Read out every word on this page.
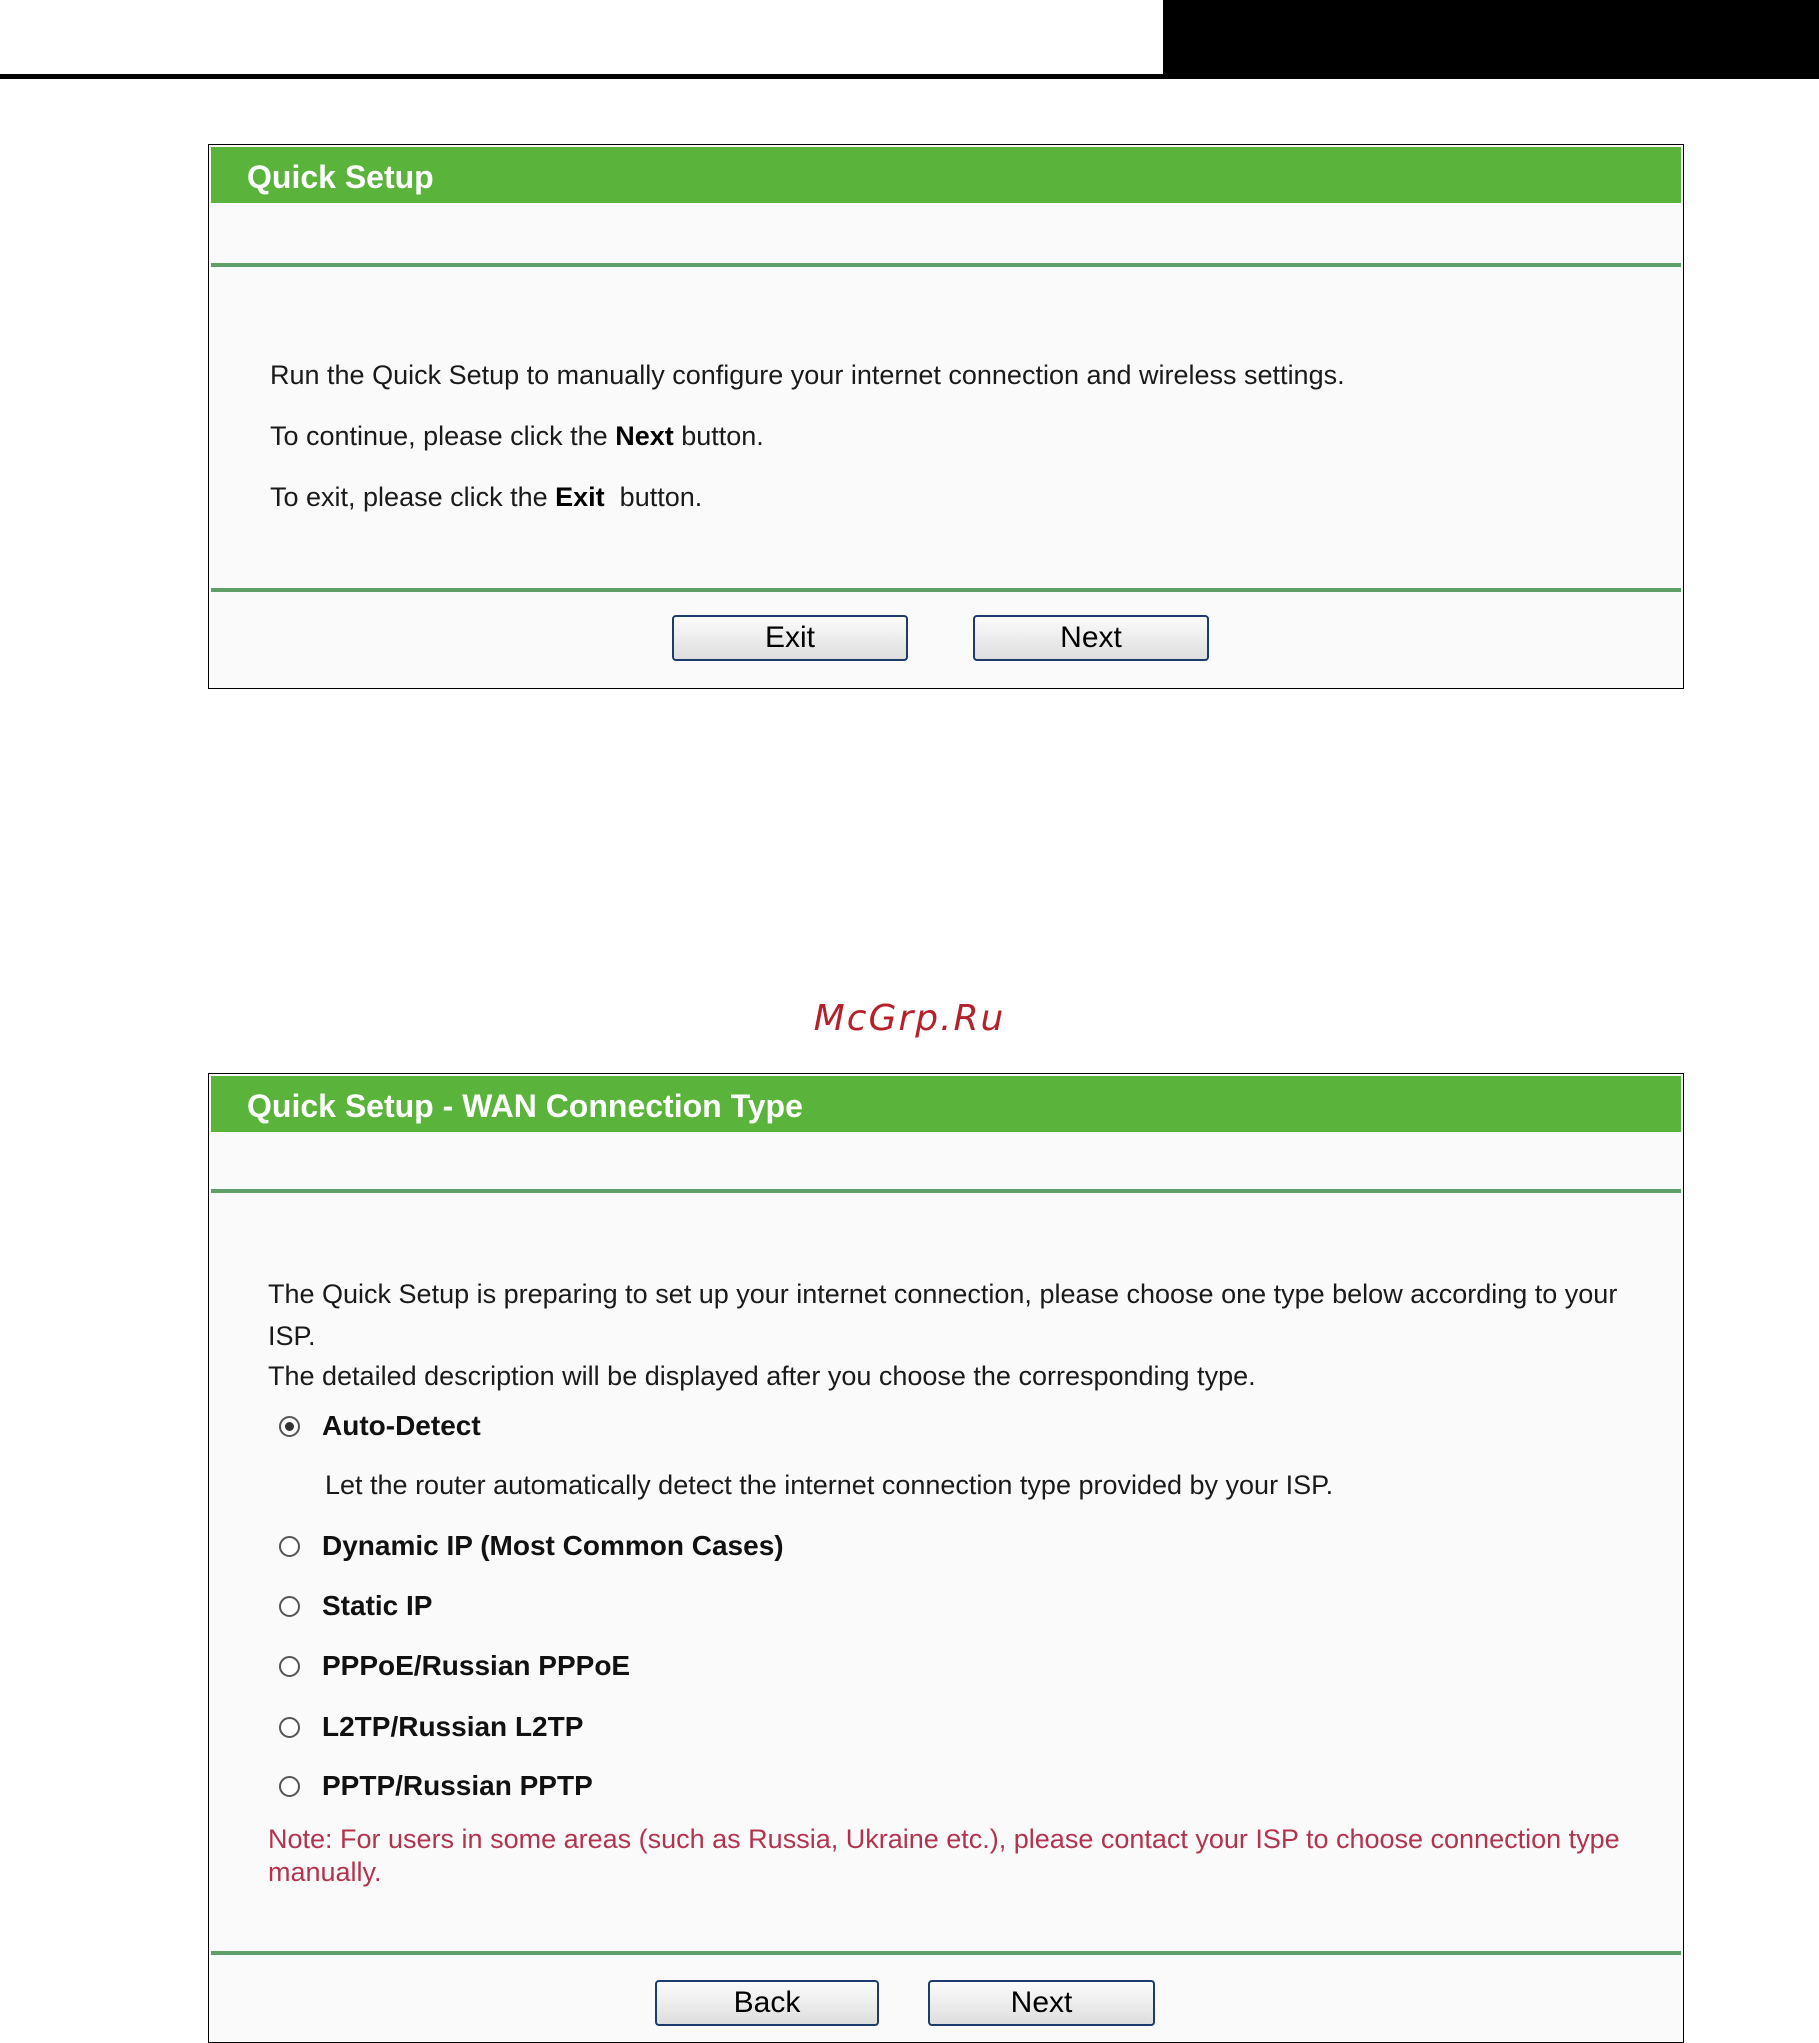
Quick Setup
Run the Quick Setup to manually configure your internet connection and wireless settings.
To continue, please click the Next button.
To exit, please click the Exit  button.
Exit	Next
McGrp.Ru
Quick Setup - WAN Connection Type
The Quick Setup is preparing to set up your internet connection, please choose one type below according to your
ISP.
The detailed description will be displayed after you choose the corresponding type.
Auto-Detect
Let the router automatically detect the internet connection type provided by your ISP.
Dynamic IP (Most Common Cases)
Static IP
PPPoE/Russian PPPoE
L2TP/Russian L2TP
PPTP/Russian PPTP
Note: For users in some areas (such as Russia, Ukraine etc.), please contact your ISP to choose connection type
manually.
Back	Next
